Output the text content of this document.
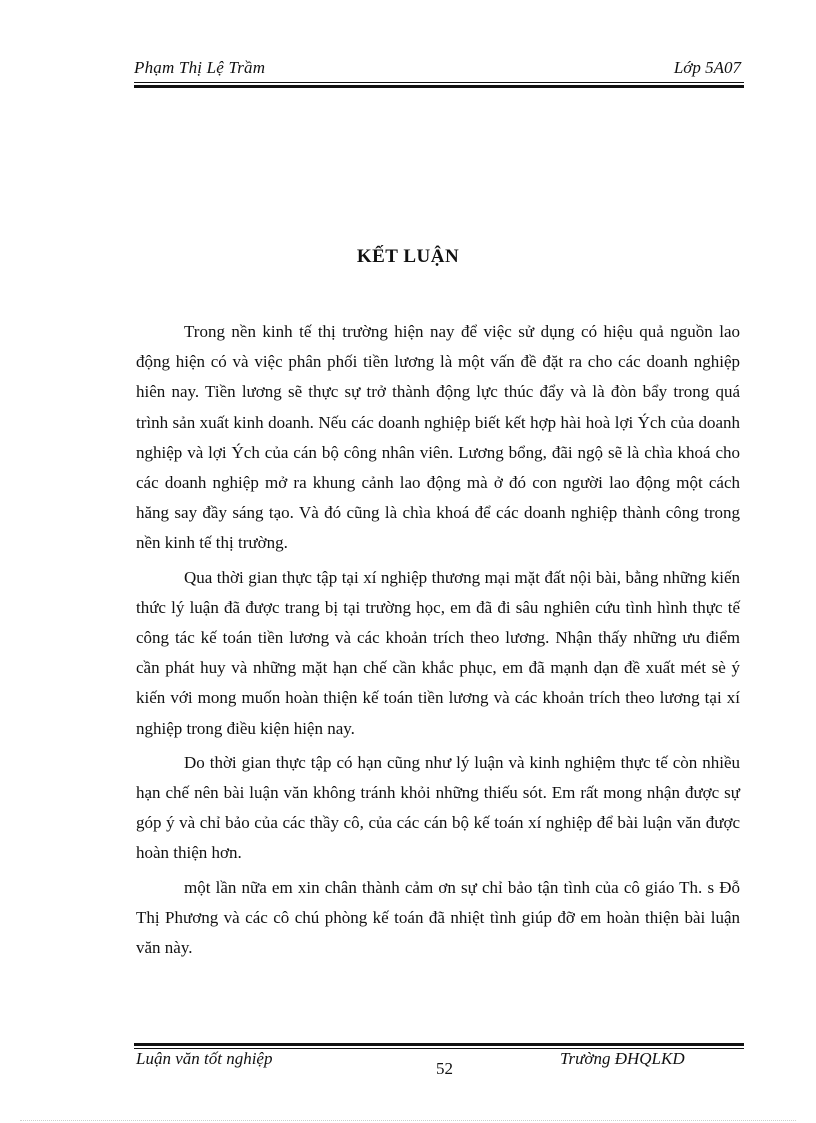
Phạm Thị Lệ Trầm	Lớp 5A07
KẾT LUẬN

Trong nền kinh tế thị trường hiện nay để việc sử dụng có hiệu quả nguồn lao động hiện có và việc phân phối tiền lương là một vấn đề đặt ra cho các doanh nghiệp hiên nay. Tiền lương sẽ thực sự trở thành động lực thúc đẩy và là đòn bẩy trong quá trình sản xuất kinh doanh. Nếu các doanh nghiệp biết kết hợp hài hoà lợi Ých của doanh nghiệp và lợi Ých của cán bộ công nhân viên. Lương bổng, đãi ngộ sẽ là chìa khoá cho các doanh nghiệp mở ra khung cảnh lao động mà ở đó con người lao động một cách hăng say đầy sáng tạo. Và đó cũng là chìa khoá để các doanh nghiệp thành công trong nền kinh tế thị trường.

Qua thời gian thực tập tại xí nghiệp thương mại mặt đất nội bài, bằng những kiến thức lý luận đã được trang bị tại trường học, em đã đi sâu nghiên cứu tình hình thực tế công tác kế toán tiền lương và các khoản trích theo lương. Nhận thấy những ưu điểm cần phát huy và những mặt hạn chế cần khắc phục, em đã mạnh dạn đề xuất mét sè ý kiến với mong muốn hoàn thiện kế toán tiền lương và các khoản trích theo lương tại xí nghiệp trong điều kiện hiện nay.

Do thời gian thực tập có hạn cũng như lý luận và kinh nghiệm thực tế còn nhiều hạn chế nên bài luận văn không tránh khỏi những thiếu sót. Em rất mong nhận được sự góp ý và chỉ bảo của các thầy cô, của các cán bộ kế toán xí nghiệp để bài luận văn được hoàn thiện hơn.

một lần nữa em xin chân thành cảm ơn sự chỉ bảo tận tình của cô giáo Th. s Đỗ Thị Phương và các cô chú phòng kế toán đã nhiệt tình giúp đỡ em hoàn thiện bài luận văn này.

Luận văn tốt nghiệp
52
Trường ĐHQLKD
